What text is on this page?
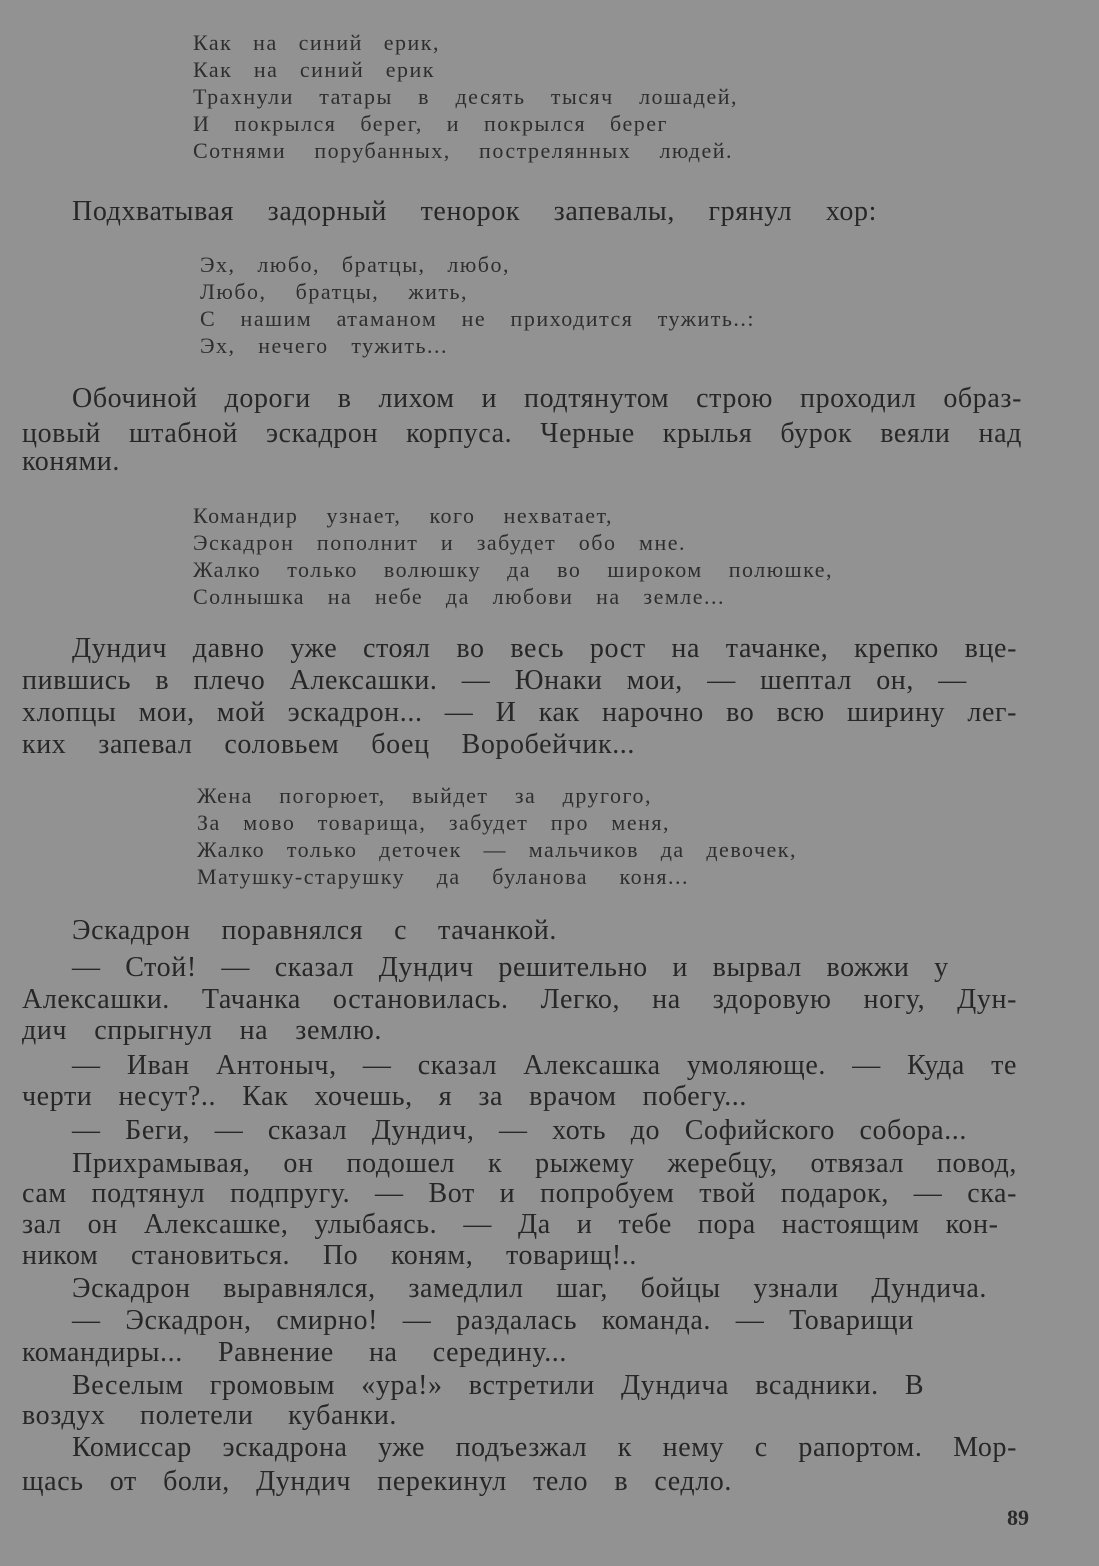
Как на синий ерик,
Как на синий ерик
Трахнули татары в десять тысяч лошадей,
И покрылся берег, и покрылся берег
Сотнями порубанных, пострелянных людей.
Подхватывая задорный тенорок запевалы, грянул хор:
Эх, любо, братцы, любо,
Любо, братцы, жить,
С нашим атаманом не приходится тужить..:
Эх, нечего тужить...
Обочиной дороги в лихом и подтянутом строю проходил образ-
цовый штабной эскадрон корпуса. Черные крылья бурок веяли над
конями.
Командир узнает, кого нехватает,
Эскадрон пополнит и забудет обо мне.
Жалко только волюшку да во широком полюшке,
Солнышка на небе да любови на земле...
Дундич давно уже стоял во весь рост на тачанке, крепко вце-
пившись в плечо Алексашки. — Юнаки мои, — шептал он, —
хлопцы мои, мой эскадрон... — И как нарочно во всю ширину лег-
ких запевал соловьем боец Воробейчик...
Жена погорюет, выйдет за другого,
За мово товарища, забудет про меня,
Жалко только деточек — мальчиков да девочек,
Матушку-старушку да буланова коня...
Эскадрон поравнялся с тачанкой.
— Стой! — сказал Дундич решительно и вырвал вожжи у
Алексашки. Тачанка остановилась. Легко, на здоровую ногу, Дун-
дич спрыгнул на землю.
— Иван Антоныч, — сказал Алексашка умоляюще. — Куда те
черти несут?.. Как хочешь, я за врачом побегу...
— Беги, — сказал Дундич, — хоть до Софийского собора...
Прихрамывая, он подошел к рыжему жеребцу, отвязал повод,
сам подтянул подпругу. — Вот и попробуем твой подарок, — ска-
зал он Алексашке, улыбаясь. — Да и тебе пора настоящим кон-
ником становиться. По коням, товарищ!..
Эскадрон выравнялся, замедлил шаг, бойцы узнали Дундича.
— Эскадрон, смирно! — раздалась команда. — Товарищи
командиры... Равнение на середину...
Веселым громовым «ура!» встретили Дундича всадники. В
воздух полетели кубанки.
Комиссар эскадрона уже подъезжал к нему с рапортом. Мор-
щась от боли, Дундич перекинул тело в седло.
89
